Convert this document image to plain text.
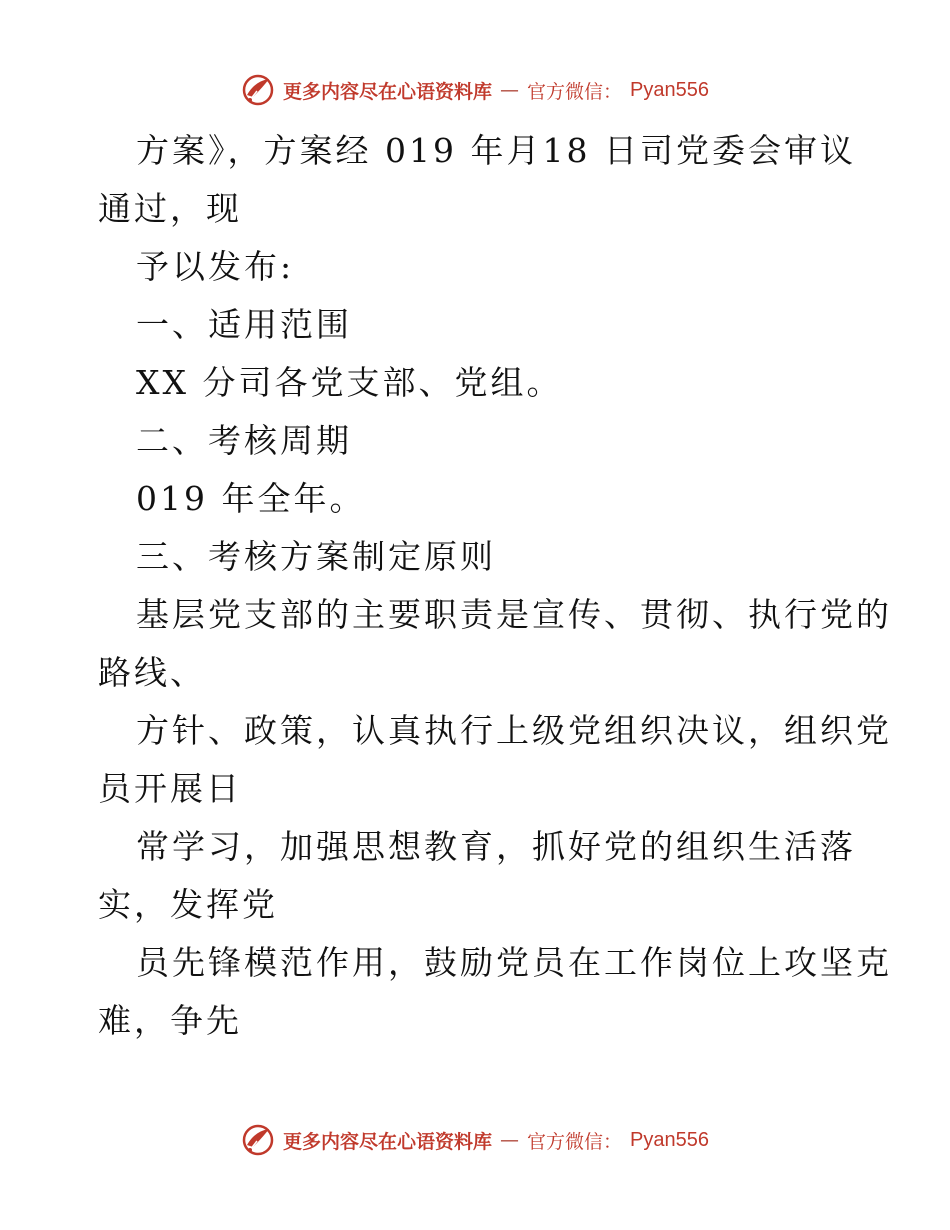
更多内容尽在心语资料库 — 官方微信： Pyan556
方案》，方案经 019 年月18 日司党委会审议
通过，现
予以发布:
一、适用范围
XX 分司各党支部、党组。
二、考核周期
019 年全年。
三、考核方案制定原则
基层党支部的主要职责是宣传、贯彻、执行党的
路线、
方针、政策，认真执行上级党组织决议，组织党
员开展日
常学习，加强思想教育，抓好党的组织生活落
实，发挥党
员先锋模范作用，鼓励党员在工作岗位上攻坚克
难，争先
更多内容尽在心语资料库 — 官方微信： Pyan556
